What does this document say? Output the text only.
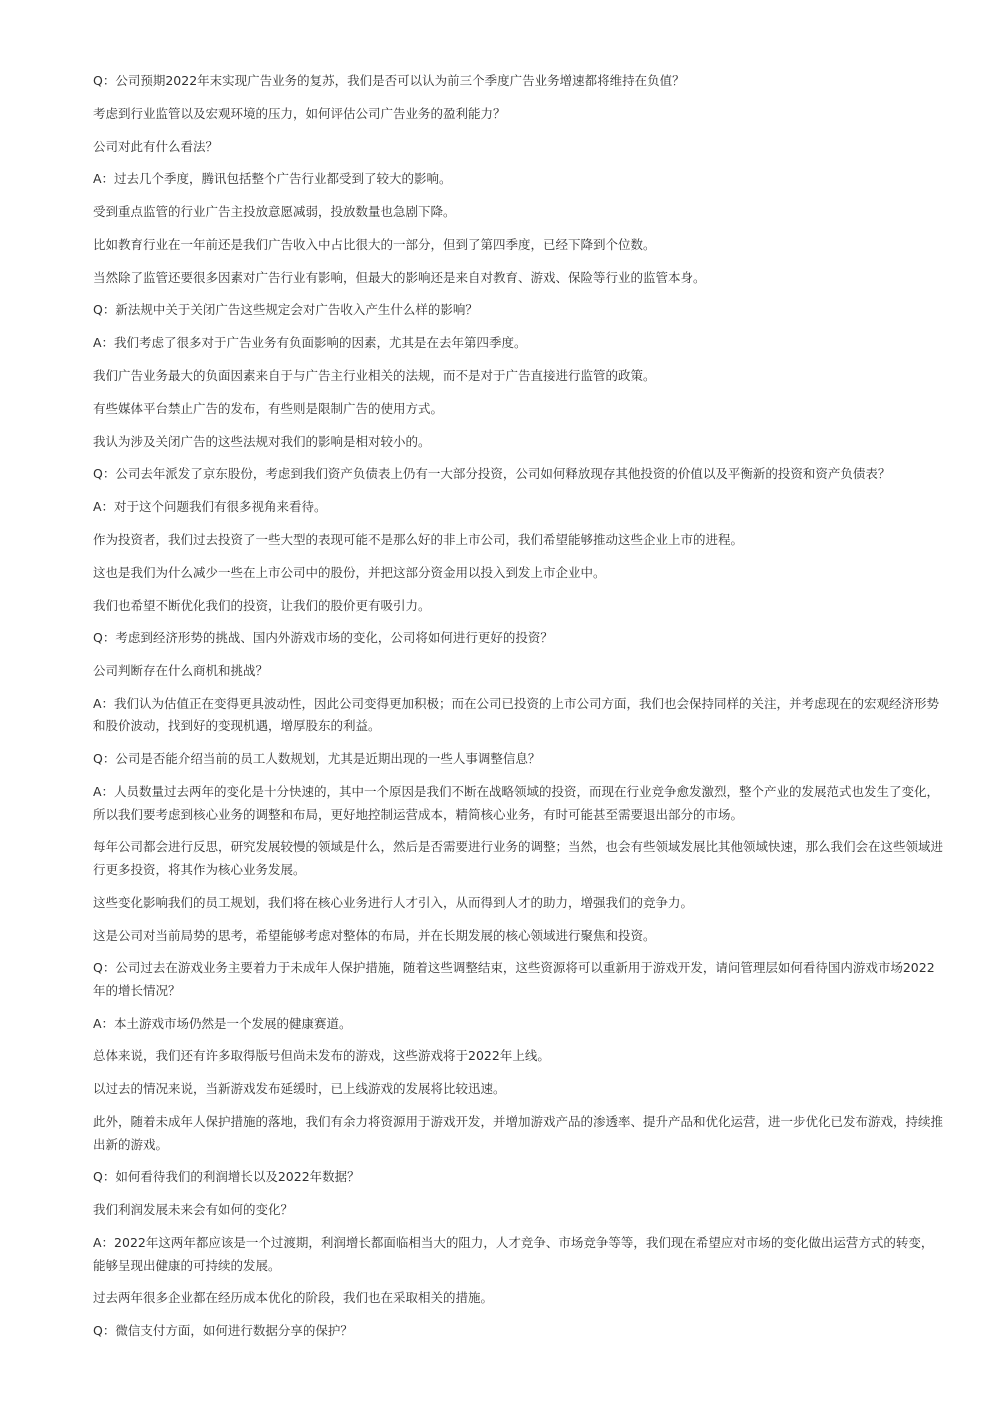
Q：公司预期2022年末实现广告业务的复苏，我们是否可以认为前三个季度广告业务增速都将维持在负值？

考虑到行业监管以及宏观环境的压力，如何评估公司广告业务的盈利能力？

公司对此有什么看法？

A：过去几个季度，腾讯包括整个广告行业都受到了较大的影响。

受到重点监管的行业广告主投放意愿减弱，投放数量也急剧下降。

比如教育行业在一年前还是我们广告收入中占比很大的一部分，但到了第四季度，已经下降到个位数。

当然除了监管还要很多因素对广告行业有影响，但最大的影响还是来自对教育、游戏、保险等行业的监管本身。

Q：新法规中关于关闭广告这些规定会对广告收入产生什么样的影响？

A：我们考虑了很多对于广告业务有负面影响的因素，尤其是在去年第四季度。

我们广告业务最大的负面因素来自于与广告主行业相关的法规，而不是对于广告直接进行监管的政策。

有些媒体平台禁止广告的发布，有些则是限制广告的使用方式。

我认为涉及关闭广告的这些法规对我们的影响是相对较小的。

Q：公司去年派发了京东股份，考虑到我们资产负债表上仍有一大部分投资，公司如何释放现存其他投资的价值以及平衡新的投资和资产负债表？

A：对于这个问题我们有很多视角来看待。

作为投资者，我们过去投资了一些大型的表现可能不是那么好的非上市公司，我们希望能够推动这些企业上市的进程。

这也是我们为什么减少一些在上市公司中的股份，并把这部分资金用以投入到发上市企业中。

我们也希望不断优化我们的投资，让我们的股价更有吸引力。

Q：考虑到经济形势的挑战、国内外游戏市场的变化，公司将如何进行更好的投资？

公司判断存在什么商机和挑战？

A：我们认为估值正在变得更具波动性，因此公司变得更加积极；而在公司已投资的上市公司方面，我们也会保持同样的关注，并考虑现在的宏观经济形势和股价波动，找到好的变现机遇，增厚股东的利益。

Q：公司是否能介绍当前的员工人数规划，尤其是近期出现的一些人事调整信息？

A：人员数量过去两年的变化是十分快速的，其中一个原因是我们不断在战略领域的投资，而现在行业竞争愈发激烈，整个产业的发展范式也发生了变化，所以我们要考虑到核心业务的调整和布局，更好地控制运营成本，精简核心业务，有时可能甚至需要退出部分的市场。

每年公司都会进行反思，研究发展较慢的领域是什么，然后是否需要进行业务的调整；当然，也会有些领域发展比其他领域快速，那么我们会在这些领域进行更多投资，将其作为核心业务发展。

这些变化影响我们的员工规划，我们将在核心业务进行人才引入，从而得到人才的助力，增强我们的竞争力。

这是公司对当前局势的思考，希望能够考虑对整体的布局，并在长期发展的核心领域进行聚焦和投资。

Q：公司过去在游戏业务主要着力于未成年人保护措施，随着这些调整结束，这些资源将可以重新用于游戏开发，请问管理层如何看待国内游戏市场2022年的增长情况？

A：本土游戏市场仍然是一个发展的健康赛道。

总体来说，我们还有许多取得版号但尚未发布的游戏，这些游戏将于2022年上线。

以过去的情况来说，当新游戏发布延缓时，已上线游戏的发展将比较迅速。

此外，随着未成年人保护措施的落地，我们有余力将资源用于游戏开发，并增加游戏产品的渗透率、提升产品和优化运营，进一步优化已发布游戏，持续推出新的游戏。

Q：如何看待我们的利润增长以及2022年数据？

我们利润发展未来会有如何的变化？

A：2022年这两年都应该是一个过渡期，利润增长都面临相当大的阻力，人才竞争、市场竞争等等，我们现在希望应对市场的变化做出运营方式的转变，能够呈现出健康的可持续的发展。

过去两年很多企业都在经历成本优化的阶段，我们也在采取相关的措施。

Q：微信支付方面，如何进行数据分享的保护？
